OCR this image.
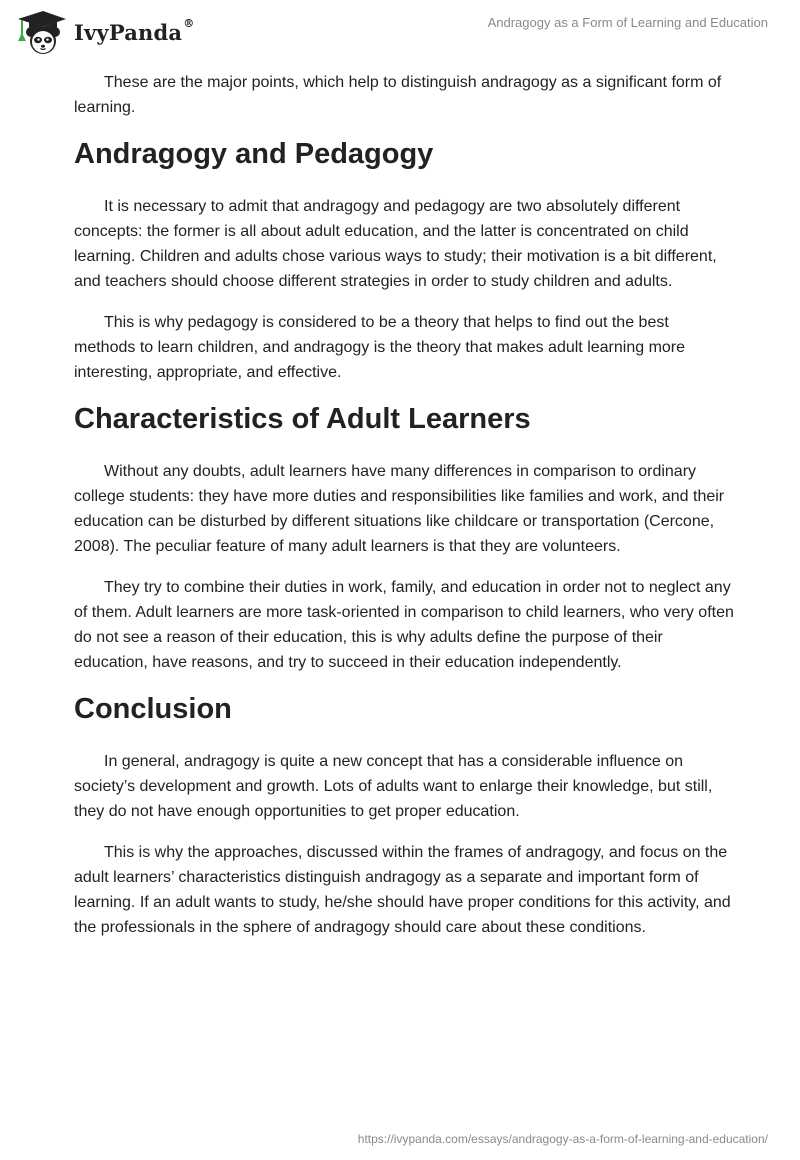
IvyPanda®	Andragogy as a Form of Learning and Education

These are the major points, which help to distinguish andragogy as a significant form of learning.

Andragogy and Pedagogy

It is necessary to admit that andragogy and pedagogy are two absolutely different concepts: the former is all about adult education, and the latter is concentrated on child learning. Children and adults chose various ways to study; their motivation is a bit different, and teachers should choose different strategies in order to study children and adults.

This is why pedagogy is considered to be a theory that helps to find out the best methods to learn children, and andragogy is the theory that makes adult learning more interesting, appropriate, and effective.

Characteristics of Adult Learners

Without any doubts, adult learners have many differences in comparison to ordinary college students: they have more duties and responsibilities like families and work, and their education can be disturbed by different situations like childcare or transportation (Cercone, 2008). The peculiar feature of many adult learners is that they are volunteers.

They try to combine their duties in work, family, and education in order not to neglect any of them. Adult learners are more task-oriented in comparison to child learners, who very often do not see a reason of their education, this is why adults define the purpose of their education, have reasons, and try to succeed in their education independently.

Conclusion

In general, andragogy is quite a new concept that has a considerable influence on society’s development and growth. Lots of adults want to enlarge their knowledge, but still, they do not have enough opportunities to get proper education.

This is why the approaches, discussed within the frames of andragogy, and focus on the adult learners’ characteristics distinguish andragogy as a separate and important form of learning. If an adult wants to study, he/she should have proper conditions for this activity, and the professionals in the sphere of andragogy should care about these conditions.

https://ivypanda.com/essays/andragogy-as-a-form-of-learning-and-education/
